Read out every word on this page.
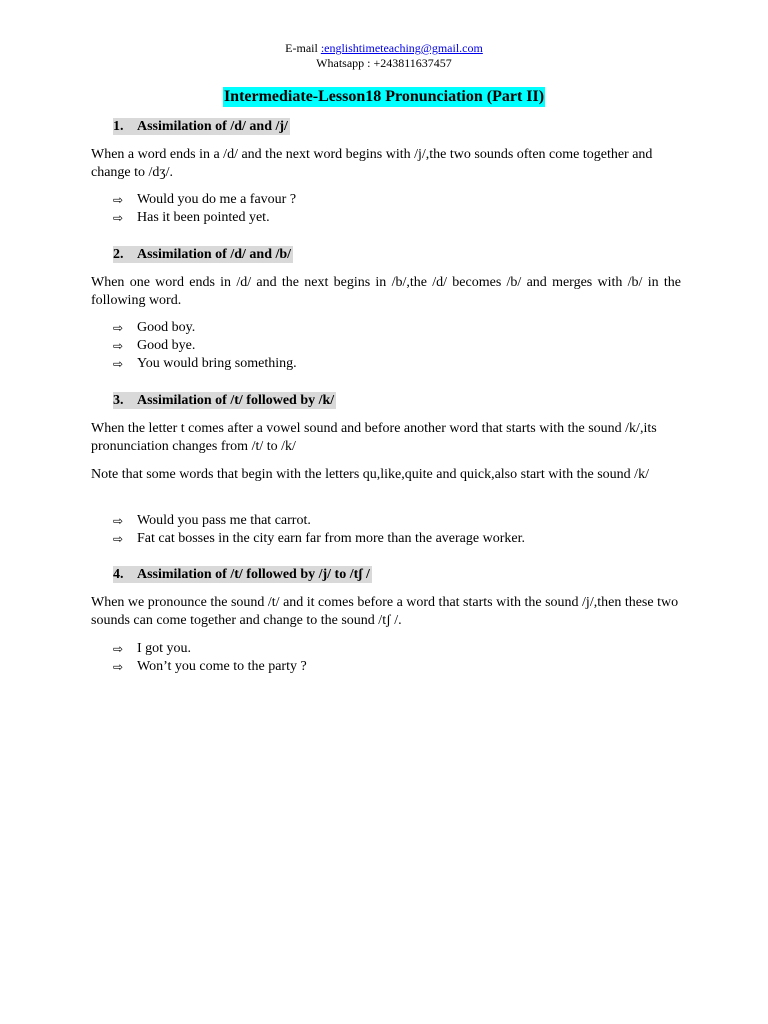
E-mail :englishtimeteaching@gmail.com
Whatsapp : +243811637457
Intermediate-Lesson18 Pronunciation (Part II)
1. Assimilation of /d/ and /j/
When a word ends in a /d/ and the next word begins with /j/,the two sounds often come together and change to /dʒ/.
⇨ Would you do me a favour ?
⇨ Has it been pointed yet.
2. Assimilation of /d/ and /b/
When one word ends in /d/ and the next begins in /b/,the /d/ becomes /b/ and merges with /b/ in the following word.
⇨ Good boy.
⇨ Good bye.
⇨ You would bring something.
3. Assimilation of /t/ followed by /k/
When the letter t comes after a vowel sound and before another word that starts with the sound /k/,its pronunciation changes from /t/ to /k/
Note that some words that begin with the letters qu,like,quite and quick,also start with the sound /k/
⇨ Would you pass me that carrot.
⇨ Fat cat bosses in the city earn far from more than the average worker.
4. Assimilation of /t/ followed by /j/ to /tʃ /
When we pronounce the sound /t/ and it comes before a word that starts with the sound /j/,then these two sounds can come together and change to the sound /tʃ /.
⇨ I got you.
⇨ Won’t you come to the party ?
